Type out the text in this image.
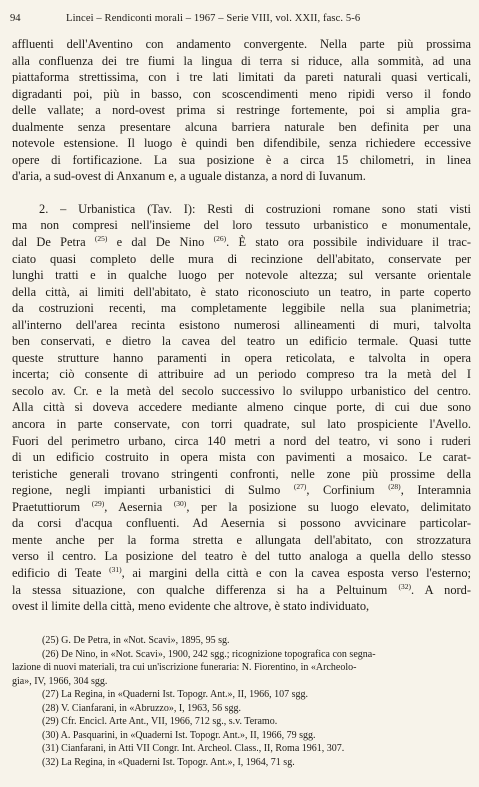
94	Lincei – Rendiconti morali – 1967 – Serie VIII, vol. XXII, fasc. 5-6
affluenti dell'Aventino con andamento convergente. Nella parte più prossima
alla confluenza dei tre fiumi la lingua di terra si riduce, alla sommità, ad una
piattaforma strettissima, con i tre lati limitati da pareti naturali quasi verticali,
digradanti poi, più in basso, con scoscendimenti meno ripidi verso il fondo
delle vallate; a nord-ovest prima si restringe fortemente, poi si amplia gra-
dualmente senza presentare alcuna barriera naturale ben definita per una
notevole estensione. Il luogo è quindi ben difendibile, senza richiedere eccessive
opere di fortificazione. La sua posizione è a circa 15 chilometri, in linea
d'aria, a sud-ovest di Anxanum e, a uguale distanza, a nord di Iuvanum.
2. – Urbanistica (Tav. I): Resti di costruzioni romane sono stati visti
ma non compresi nell'insieme del loro tessuto urbanistico e monumentale,
dal De Petra $^{(25)}$ e dal De Nino $^{(26)}$. È stato ora possibile individuare il trac-
ciato quasi completo delle mura di recinzione dell'abitato, conservate per
lunghi tratti e in qualche luogo per notevole altezza; sul versante orientale
della città, ai limiti dell'abitato, è stato riconosciuto un teatro, in parte coperto
da costruzioni recenti, ma completamente leggibile nella sua planimetria;
all'interno dell'area recinta esistono numerosi allineamenti di muri, talvolta
ben conservati, e dietro la cavea del teatro un edificio termale. Quasi tutte
queste strutture hanno paramenti in opera reticolata, e talvolta in opera
incerta; ciò consente di attribuire ad un periodo compreso tra la metà del I
secolo av. Cr. e la metà del secolo successivo lo sviluppo urbanistico del centro.
Alla città si doveva accedere mediante almeno cinque porte, di cui due sono
ancora in parte conservate, con torri quadrate, sul lato prospiciente l'Avello.
Fuori del perimetro urbano, circa 140 metri a nord del teatro, vi sono i ruderi
di un edificio costruito in opera mista con pavimenti a mosaico. Le carat-
teristiche generali trovano stringenti confronti, nelle zone più prossime della
regione, negli impianti urbanistici di Sulmo $^{(27)}$, Corfinium $^{(28)}$, Interamnia
Praetuttiorum $^{(29)}$, Aesernia $^{(30)}$, per la posizione su luogo elevato, delimitato
da corsi d'acqua confluenti. Ad Aesernia si possono avvicinare particolar-
mente anche per la forma stretta e allungata dell'abitato, con strozzatura
verso il centro. La posizione del teatro è del tutto analoga a quella dello stesso
edificio di Teate $^{(31)}$, ai margini della città e con la cavea esposta verso l'esterno;
la stessa situazione, con qualche differenza si ha a Peltuinum $^{(32)}$. A nord-
ovest il limite della città, meno evidente che altrove, è stato individuato,
(25) G. De Petra, in «Not. Scavi», 1895, 95 sg.
(26) De Nino, in «Not. Scavi», 1900, 242 sgg.; ricognizione topografica con segna-
lazione di nuovi materiali, tra cui un'iscrizione funeraria: N. Fiorentino, in «Archeolo-
gia», IV, 1966, 304 sgg.
(27) La Regina, in «Quaderni Ist. Topogr. Ant.», II, 1966, 107 sgg.
(28) V. Cianfarani, in «Abruzzo», I, 1963, 56 sgg.
(29) Cfr. Encicl. Arte Ant., VII, 1966, 712 sg., s.v. Teramo.
(30) A. Pasquarini, in «Quaderni Ist. Topogr. Ant.», II, 1966, 79 sgg.
(31) Cianfarani, in Atti VII Congr. Int. Archeol. Class., II, Roma 1961, 307.
(32) La Regina, in «Quaderni Ist. Topogr. Ant.», I, 1964, 71 sg.
